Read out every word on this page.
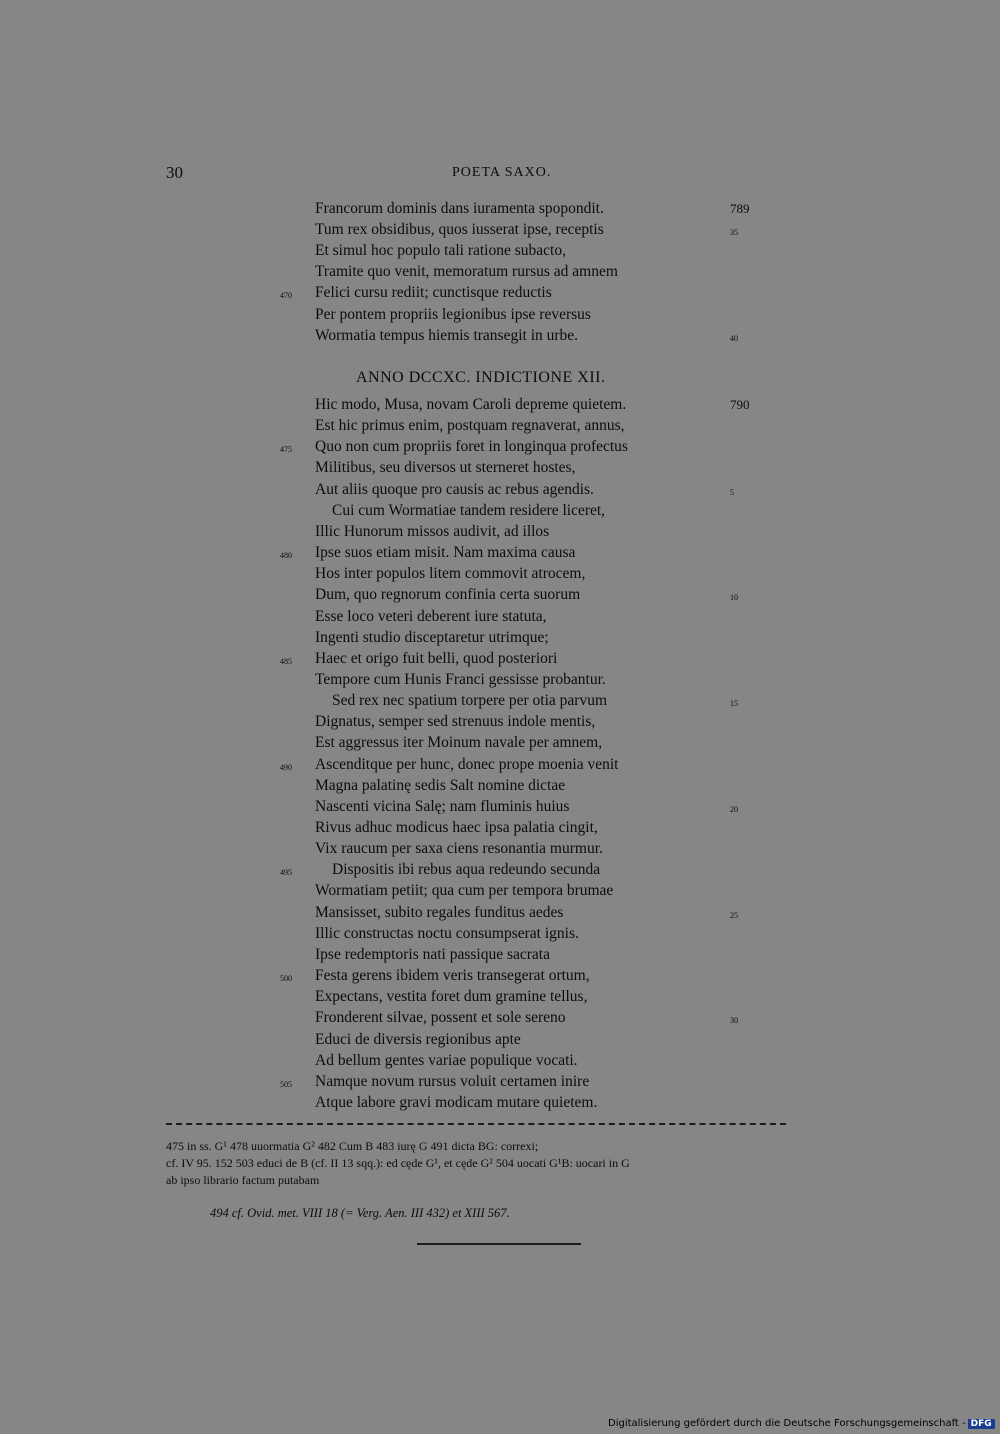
30	POETA SAXO.
Francorum dominis dans iuramenta spopondit.	789
Tum rex obsidibus, quos iusserat ipse, receptis	35
Et simul hoc populo tali ratione subacto,
Tramite quo venit, memoratum rursus ad amnem
470 Felici cursu rediit; cunctisque reductis
Per pontem propriis legionibus ipse reversus
Wormatia tempus hiemis transegit in urbe.	40
ANNO DCCXC. INDICTIONE XII.
Hic modo, Musa, novam Caroli depreme quietem.	790
Est hic primus enim, postquam regnaverat, annus,
475 Quo non cum propriis foret in longinqua profectus
Militibus, seu diversos ut sterneret hostes,
Aut aliis quoque pro causis ac rebus agendis.	5
Cui cum Wormatiae tandem residere liceret,
Illic Hunorum missos audivit, ad illos
480 Ipse suos etiam misit. Nam maxima causa
Hos inter populos litem commovit atrocem,
Dum, quo regnorum confinia certa suorum	10
Esse loco veteri deberent iure statuta,
Ingenti studio disceptaretur utrimque;
485 Haec et origo fuit belli, quod posteriori
Tempore cum Hunis Franci gessisse probantur.
Sed rex nec spatium torpere per otia parvum	15
Dignatus, semper sed strenuus indole mentis,
Est aggressus iter Moinum navale per amnem,
490 Ascenditque per hunc, donec prope moenia venit
Magna palatinę sedis Salt nomine dictae
Nascenti vicina Salę; nam fluminis huius	20
Rivus adhuc modicus haec ipsa palatia cingit,
Vix raucum per saxa ciens resonantia murmur.
495	Dispositis ibi rebus aqua redeundo secunda
Wormatiam petiit; qua cum per tempora brumae
Mansisset, subito regales funditus aedes	25
Illic constructas noctu consumpserat ignis.
Ipse redemptoris nati passique sacrata
500 Festa gerens ibidem veris transegerat ortum,
Expectans, vestita foret dum gramine tellus,
Fronderent silvae, possent et sole sereno	30
Educi de diversis regionibus apte
Ad bellum gentes variae populique vocati.
505 Namque novum rursus voluit certamen inire
Atque labore gravi modicam mutare quietem.
475 in ss. G¹ 478 uuormatia G² 482 Cum B 483 iurę G 491 dicta BG: correxi;
cf. IV 95. 152 503 educi de B (cf. II 13 sqq.): ed cęde G¹, et cęde G² 504 uocati G¹B: uocari in G
ab ipso librario factum putabam
494 cf. Ovid. met. VIII 18 (= Verg. Aen. III 432) et XIII 567.
Digitalisierung gefördert durch die Deutsche Forschungsgemeinschaft - DFG
